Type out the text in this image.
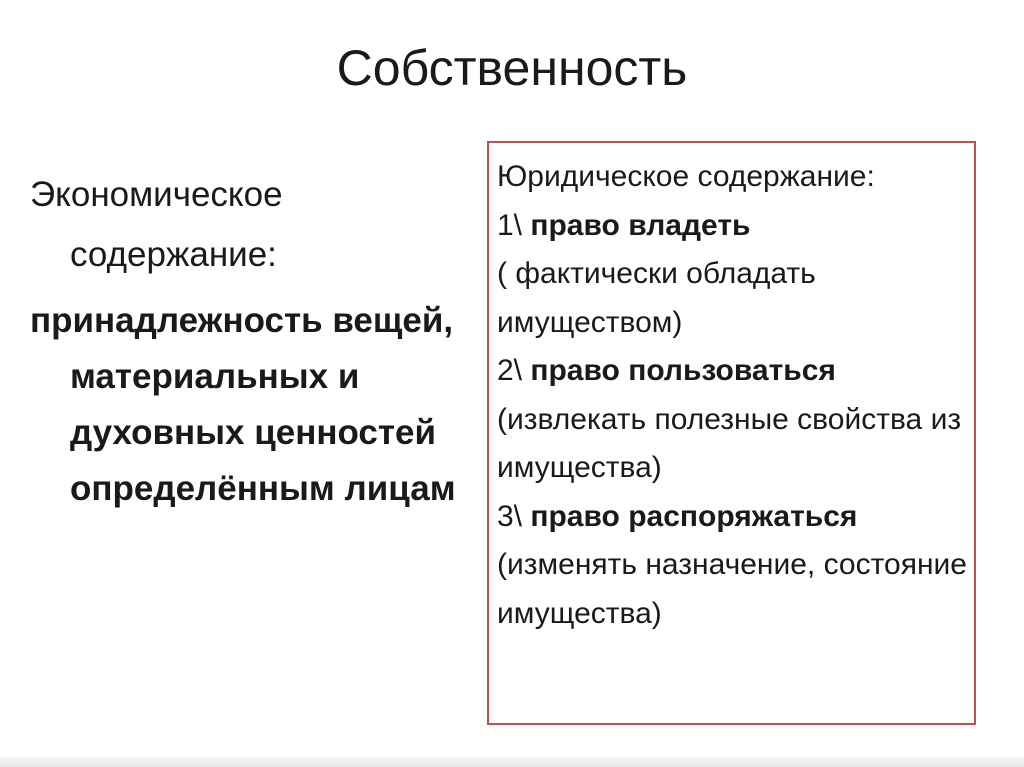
Собственность

Экономическое содержание:

принадлежность вещей, материальных и духовных ценностей определённым лицам

Юридическое содержание:

1\ право владеть

( фактически обладать имуществом)

2\ право пользоваться

(извлекать полезные свойства из имущества)

3\ право распоряжаться

(изменять назначение, состояние имущества)
